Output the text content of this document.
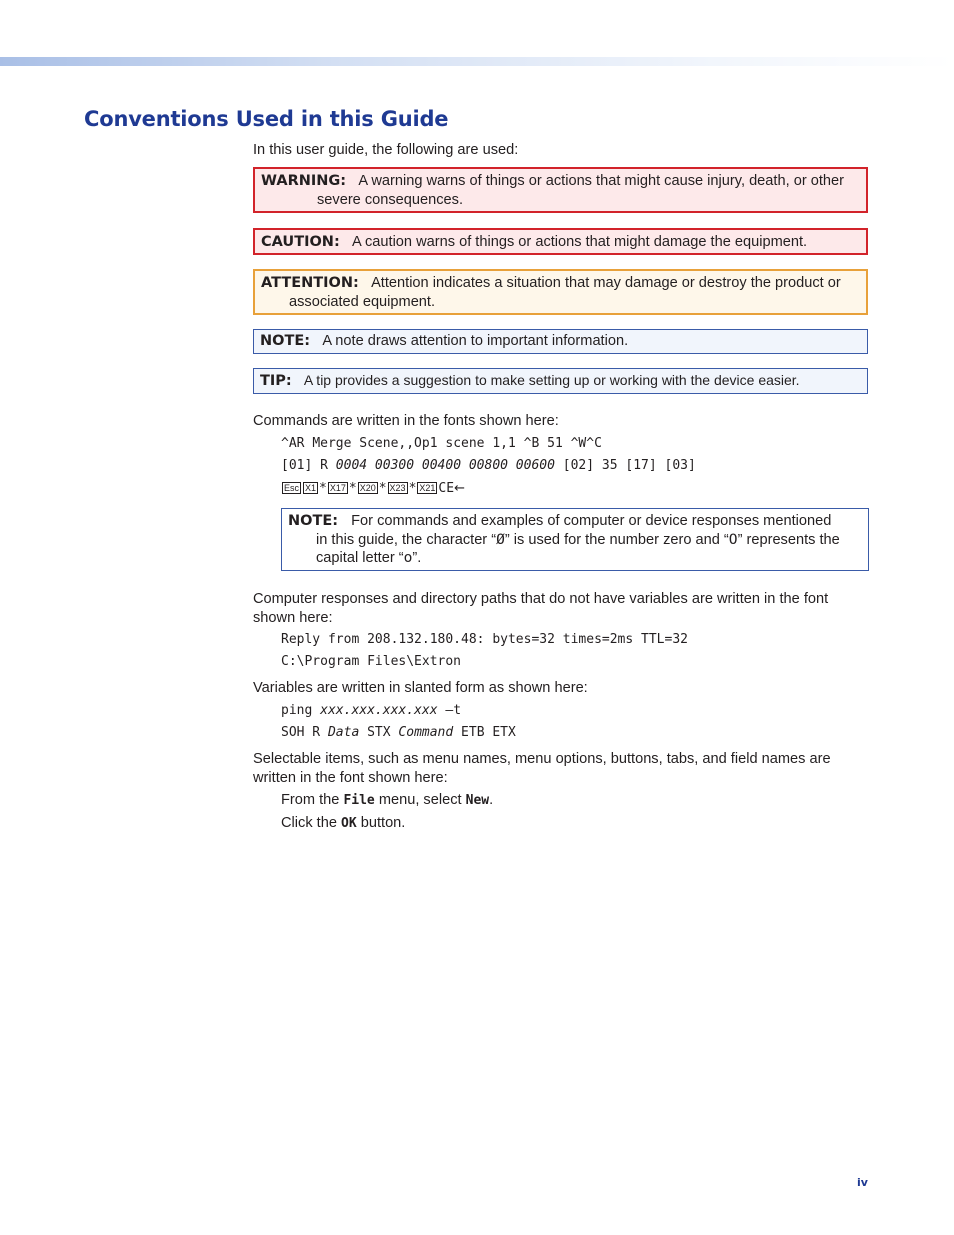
Conventions Used in this Guide

In this user guide, the following are used:

WARNING: A warning warns of things or actions that might cause injury, death, or other
severe consequences.
CAUTION: A caution warns of things or actions that might damage the equipment.
ATTENTION: Attention indicates a situation that may damage or destroy the product or
associated equipment.
NOTE: A note draws attention to important information.
TIP: A tip provides a suggestion to make setting up or working with the device easier.

Commands are written in the fonts shown here:

^AR Merge Scene,,Op1 scene 1,1 ^B 51 ^W^C

[01] R 0004 00300 00400 00800 00600 [02] 35 [17] [03]

Esc X1 * X17 * X20 * X23 * X21 CE←

NOTE: For commands and examples of computer or device responses mentioned
in this guide, the character “Ø” is used for the number zero and “O” represents the
capital letter “o”.

Computer responses and directory paths that do not have variables are written in the font shown here:

Reply from 208.132.180.48: bytes=32 times=2ms TTL=32

C:\Program Files\Extron

Variables are written in slanted form as shown here:

ping xxx.xxx.xxx.xxx —t

SOH R Data STX Command ETB ETX

Selectable items, such as menu names, menu options, buttons, tabs, and field names are written in the font shown here:

From the File menu, select New.

Click the OK button.

iv
